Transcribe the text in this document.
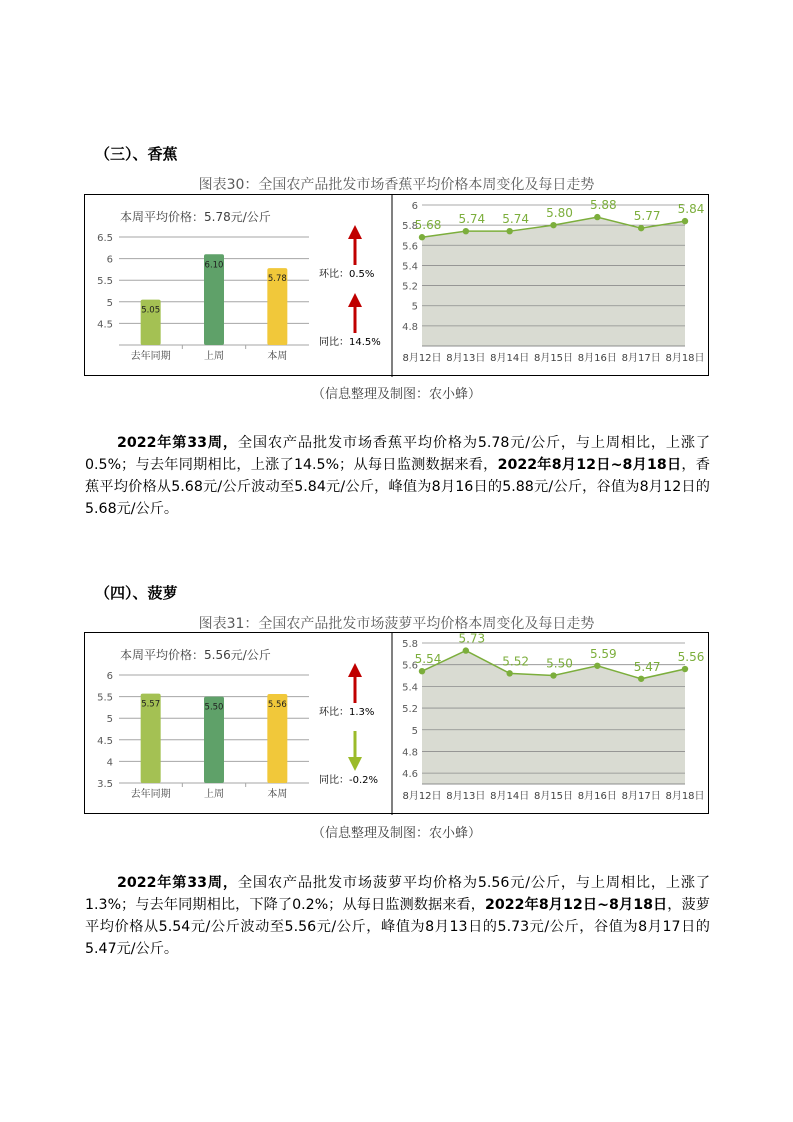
（三）、香蕉
图表30：全国农产品批发市场香蕉平均价格本周变化及每日走势
本周平均价格：5.78元/公斤
4.5
5
5.5
6
6.5
5.05
去年同期
6.10
上周
5.78
本周
环比：0.5%
同比：14.5%
4.8
5
5.2
5.4
5.6
5.8
6
5.68 5.74 5.74 5.80
5.88
5.77
5.84
8月12日 8月13日 8月14日 8月15日 8月16日 8月17日 8月18日
（信息整理及制图：农小蜂）
2022年第33周，全国农产品批发市场香蕉平均价格为5.78元/公斤，与上周相比，上涨了0.5%；与去年同期相比，上涨了14.5%；从每日监测数据来看，2022年8月12日~8月18日，香蕉平均价格从5.68元/公斤波动至5.84元/公斤，峰值为8月16日的5.88元/公斤，谷值为8月12日的5.68元/公斤。
（四）、菠萝
图表31：全国农产品批发市场菠萝平均价格本周变化及每日走势
本周平均价格：5.56元/公斤
3.5
4
4.5
5
5.5
6
5.57
去年同期
5.50
上周
5.56
本周
环比：1.3%
同比：-0.2%
4.6
4.8
5
5.2
5.4
5.6
5.8
5.54
5.73
5.52 5.50
5.59
5.47
5.56
8月12日 8月13日 8月14日 8月15日 8月16日 8月17日 8月18日
（信息整理及制图：农小蜂）
2022年第33周，全国农产品批发市场菠萝平均价格为5.56元/公斤，与上周相比，上涨了1.3%；与去年同期相比，下降了0.2%；从每日监测数据来看，2022年8月12日~8月18日，菠萝平均价格从5.54元/公斤波动至5.56元/公斤，峰值为8月13日的5.73元/公斤，谷值为8月17日的5.47元/公斤。
